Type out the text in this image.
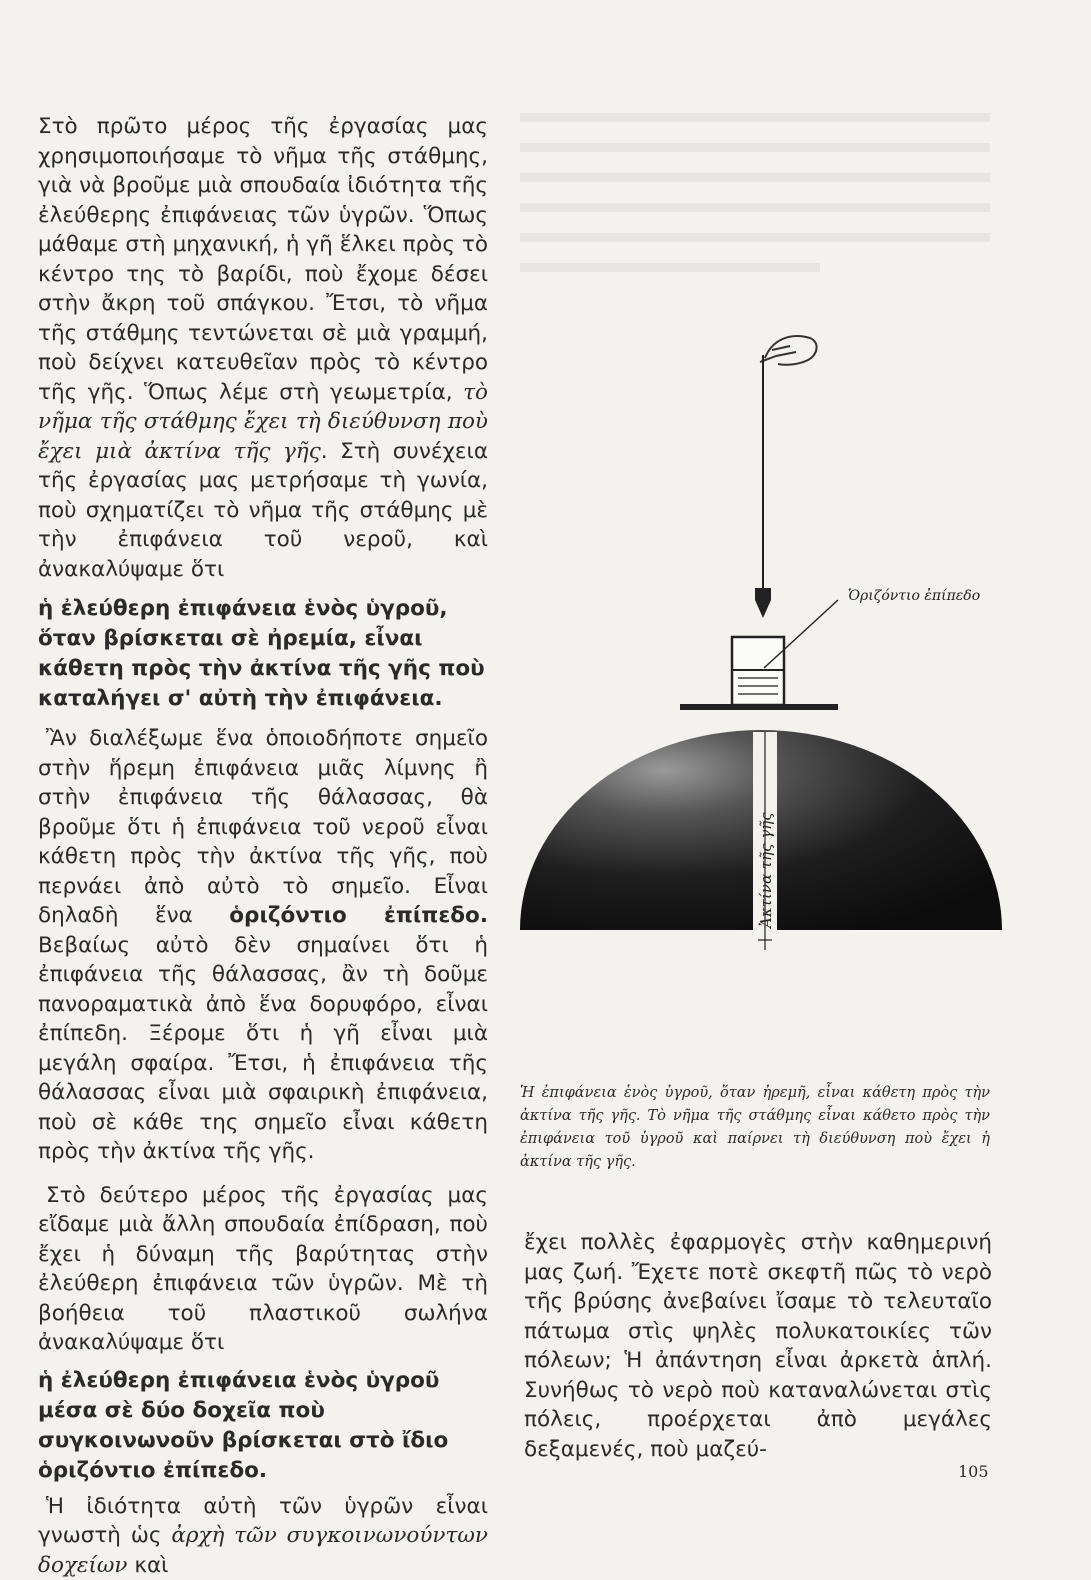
Στὸ πρῶτο μέρος τῆς ἐργασίας μας χρησιμοποιήσαμε τὸ νῆμα τῆς στάθμης, γιὰ νὰ βροῦμε μιὰ σπουδαία ἰδιότητα τῆς ἐλεύθερης ἐπιφάνειας τῶν ὑγρῶν. Ὅπως μάθαμε στὴ μηχανική, ἡ γῆ ἕλκει πρὸς τὸ κέντρο της τὸ βαρίδι, ποὺ ἔχομε δέσει στὴν ἄκρη τοῦ σπάγκου. Ἔτσι, τὸ νῆμα τῆς στάθμης τεντώνεται σὲ μιὰ γραμμή, ποὺ δείχνει κατευθεῖαν πρὸς τὸ κέντρο τῆς γῆς. Ὅπως λέμε στὴ γεωμετρία, τὸ νῆμα τῆς στάθμης ἔχει τὴ διεύθυνση ποὺ ἔχει μιὰ ἀκτίνα τῆς γῆς. Στὴ συνέχεια τῆς ἐργασίας μας μετρήσαμε τὴ γωνία, ποὺ σχηματίζει τὸ νῆμα τῆς στάθμης μὲ τὴν ἐπιφάνεια τοῦ νεροῦ, καὶ ἀνακαλύψαμε ὅτι

ἡ ἐλεύθερη ἐπιφάνεια ἑνὸς ὑγροῦ, ὅταν βρίσκεται σὲ ἠρεμία, εἶναι κάθετη πρὸς τὴν ἀκτίνα τῆς γῆς ποὺ καταλήγει σ' αὐτὴ τὴν ἐπιφάνεια.

Ἂν διαλέξωμε ἕνα ὁποιοδήποτε σημεῖο στὴν ἥρεμη ἐπιφάνεια μιᾶς λίμνης ἢ στὴν ἐπιφάνεια τῆς θάλασσας, θὰ βροῦμε ὅτι ἡ ἐπιφάνεια τοῦ νεροῦ εἶναι κάθετη πρὸς τὴν ἀκτίνα τῆς γῆς, ποὺ περνάει ἀπὸ αὐτὸ τὸ σημεῖο. Εἶναι δηλαδὴ ἕνα ὁριζόντιο ἐπίπεδο. Βεβαίως αὐτὸ δὲν σημαίνει ὅτι ἡ ἐπιφάνεια τῆς θάλασσας, ἂν τὴ δοῦμε πανοραματικὰ ἀπὸ ἕνα δορυφόρο, εἶναι ἐπίπεδη. Ξέρομε ὅτι ἡ γῆ εἶναι μιὰ μεγάλη σφαίρα. Ἔτσι, ἡ ἐπιφάνεια τῆς θάλασσας εἶναι μιὰ σφαιρικὴ ἐπιφάνεια, ποὺ σὲ κάθε της σημεῖο εἶναι κάθετη πρὸς τὴν ἀκτίνα τῆς γῆς.

Στὸ δεύτερο μέρος τῆς ἐργασίας μας εἴδαμε μιὰ ἄλλη σπουδαία ἐπίδραση, ποὺ ἔχει ἡ δύναμη τῆς βαρύτητας στὴν ἐλεύθερη ἐπιφάνεια τῶν ὑγρῶν. Μὲ τὴ βοήθεια τοῦ πλαστικοῦ σωλήνα ἀνακαλύψαμε ὅτι

ἡ ἐλεύθερη ἐπιφάνεια ἑνὸς ὑγροῦ μέσα σὲ δύο δοχεῖα ποὺ συγκοινωνοῦν βρίσκεται στὸ ἴδιο ὁριζόντιο ἐπίπεδο.

Ἡ ἰδιότητα αὐτὴ τῶν ὑγρῶν εἶναι γνωστὴ ὡς ἀρχὴ τῶν συγκοινωνούντων δοχείων καὶ

Ἀκτίνα τῆς γῆς
Ὁριζόντιο ἐπίπεδο
Ἡ ἐπιφάνεια ἑνὸς ὑγροῦ, ὅταν ἠρεμῆ, εἶναι κάθετη πρὸς τὴν ἀκτίνα τῆς γῆς. Τὸ νῆμα τῆς στάθμης εἶναι κάθετο πρὸς τὴν ἐπιφάνεια τοῦ ὑγροῦ καὶ παίρνει τὴ διεύθυνση ποὺ ἔχει ἡ ἀκτίνα τῆς γῆς.
ἔχει πολλὲς ἐφαρμογὲς στὴν καθημερινή μας ζωή. Ἔχετε ποτὲ σκεφτῆ πῶς τὸ νερὸ τῆς βρύσης ἀνεβαίνει ἴσαμε τὸ τελευταῖο πάτωμα στὶς ψηλὲς πολυκατοικίες τῶν πόλεων; Ἡ ἀπάντηση εἶναι ἀρκετὰ ἁπλή. Συνήθως τὸ νερὸ ποὺ καταναλώνεται στὶς πόλεις, προέρχεται ἀπὸ μεγάλες δεξαμενές, ποὺ μαζεύ-
105
